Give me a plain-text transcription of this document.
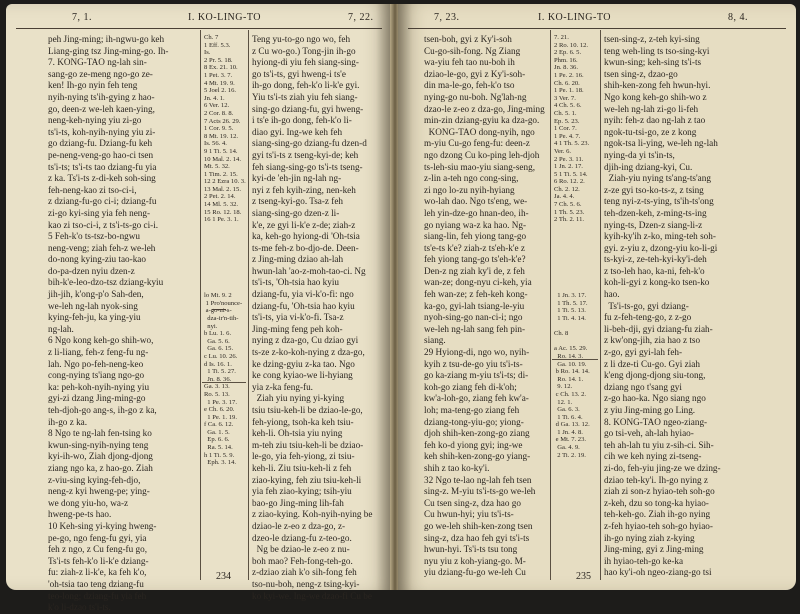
7, 1.	I. KO-LING-TO	7, 22.
peh Jing-ming; ih-ngwu-go keh
Liang-ging tsz Jing-ming-go. Ih-
7. KONG-TAO ng-lah sin-
sang-go ze-meng ngo-go ze-
ken! Ih-go nyin feh teng
nyih-nying ts'ih-gying z hao-
go, deen-z we-leh kaen-ying,
neng-keh-nying yiu zi-go
ts'i-ts, koh-nyih-nying yiu zi-
go dziang-fu. Dziang-fu keh
pe-neng-veng-go hao-ci tsen
ts'i-ts; ts'i-ts tao dziang-fu yia
z ka. Ts'i-ts z-di-keh soh-sing
feh-neng-kao zi tso-ci-i,
z dziang-fu-go ci-i; dziang-fu
zi-go kyi-sing yia feh neng-
kao zi tso-ci-i, z ts'i-ts-go ci-i.
5 Feh-k'o ts-tsz-bo-ngwu
neng-veng; ziah feh-z we-leh
do-nong kying-ziu tao-kao
do-pa-dzen nyiu dzen-z
bih-k'e-leo-dzo-tsz dziang-kyiu
jih-jih, k'ong-p'o Sah-den,
we-leh ng-lah nyok-sing
kying-feh-ju, ka ying-yiu
ng-lah.
6 Ngo kong keh-go shih-wo,
z li-liang, feh-z feng-fu ng-
lah. Ngo po-feh-neng-keo
cong-nying ts'iang ngo-go
ka: peh-koh-nyih-nying yiu
gyi-zi dzang Jing-ming-go
teh-djoh-go ang-s, ih-go z ka,
ih-go z ka.
8 Ngo te ng-lah fen-tsing ko
kwun-sing-nyih-nying teng
kyi-ih-wo, Ziah djong-djong
ziang ngo ka, z hao-go. Ziah
z-viu-sing kying-feh-djo,
neng-z kyi hweng-pe; ying-
we dong yiu-ho, wa-z
hweng-pe-ts hao.
10 Keh-sing yi-kying hweng-
pe-go, ngo feng-fu gyi, yia
feh z ngo, z Cu feng-fu go,
Ts'i-ts feh-k'o li-k'e dziang-
fu: ziah-z li-k'e, ka feh k'o,
'oh-tsia tao teng dziang-fu
teo-long; dziang-fu yia feh
k'o li-dzao ts'i-ts.
Ch. 7
1 Eff. 5.3.
Is.
2 Pr. 5. 18.
8 Ex. 21. 10.
1 Pet. 3. 7.
4 Mt. 19. 9.
5 Joel 2. 16.
Jn. 4. 1.
6 Ver. 12.
2 Cor. 8. 8.
7 Acts 26. 29.
1 Cor. 9. 5.
8 Mt. 19. 12.
Is. 56. 4.
9 1 Ti. 5. 14.
10 Mal. 2. 14.
Mt. 5. 32.
1 Tim. 2. 15.
12 2 Ezra 10. 3.
13 Mal. 2. 15.
2 Pet. 2. 14.
14 Ml. 5. 32.
15 Ro. 12. 18.
16 1 Pe. 3. 1.

lo Mt. 9. 2
1 Pro'nounce-
a-go-ni-s-
dza-ir'n-tih-
nyi.
b Lu. 1. 6.
Ga. 5. 6.
Ga. 6. 15.
c Lu. 10. 26.
d Is. 16. 1.
1 Ti. 5. 27.
Jn. 8. 36.
Ga. 3. 13.
Ro. 5. 13.
1 Pe. 3. 17.
e Ch. 6. 20.
1 Pe. 1. 19.
f Ca. 6. 12.
Ga. 1. 5.
Ep. 6. 6.
Ra. 5. 14.
h 1 Ti. 5. 9.
Eph. 3. 14.
Teng yu-to-go ngo wo, feh
z Cu wo-go.) Tong-jin ih-go
hyiong-di yiu feh siang-sing-
go ts'i-ts, gyi hweng-i ts'e
ih-go dong, feh-k'o li-k'e gyi.
Yiu ts'i-ts ziah yiu feh siang-
sing-go dziang-fu, gyi hweng-
i ts'e ih-go dong, feh-k'o li-
diao gyi. Ing-we keh feh
siang-sing-go dziang-fu dzen-d
gyi ts'i-ts z tseng-kyi-de; keh
feh siang-sing-go ts'i-ts tseng-
kyi-de 'eh-jin ng-lah ng-
nyi z feh kyih-zing, nen-keh
z tseng-kyi-go. Tsa-z feh
siang-sing-go dzen-z li-
k'e, ze gyi li-k'e z-de; ziah-z
ka, keh-go hyiong-di 'Oh-tsia
ts-me feh-z bo-djo-de. Deen-
z Jing-ming dziao ah-lah
hwun-lah 'ao-z-moh-tao-ci. Ng
ts'i-ts, 'Oh-tsia hao kyiu
dziang-fu, yia vi-k'o-fi: ngo
dziang-fu, 'Oh-tsia hao kyiu
ts'i-ts, yia vi-k'o-fi. Tsa-z
Jing-ming feng peh koh-
nying z dza-go, Cu dziao gyi
ts-ze z-ko-koh-nying z dza-go,
ke dzing-gyiu z-ka tao. Ngo
ke cong kyiao-we li-hyiang
yia z-ka feng-fu.
Ziah yiu nying yi-kying
tsiu tsiu-keh-li be dziao-le-go,
feh-yiong, tsoh-ka keh tsiu-
keh-li. Oh-tsia yiu nying
m-teh ziu tsiu-keh-li be dziao-
le-go, yia feh-yiong, zi tsiu-
keh-li. Ziu tsiu-keh-li z feh
ziao-kying, feh ziu tsiu-keh-li
yia feh ziao-kying; tsih-yiu
bao-go Jing-ming lih-fah
z ziao-kying. Koh-nyih-nying be
dziao-le z-eo z dza-go, z-
dzeo-le dziang-fu z-teo-go.
Ng be dziao-le z-eo z nu-
boh mao? Feh-fong-teh-go.
z-dziao ziah k'o sih-fong feh
tso-nu-boh, neng-z tsing-kyi-
ko kyi-we. Ing-we dzao-fi Cu be
234
7, 23.	I. KO-LING-TO	8, 4.
tsen-boh, gyi z Ky'i-soh
Cu-go-sih-fong. Ng Ziang
wa-yiu feh tao nu-boh ih
dziao-le-go, gyi z Ky'i-soh-
din ma-le-go, feh-k'o tso
nying-go nu-boh. Ng'lah-ng
dzao-le z-eo z dza-go, Jing-ming
min-zin dziang-gyiu ka dza-go.
KONG-TAO dong-nyih, ngo
m-yiu Cu-go feng-fu: deen-z
ngo dzong Cu ko-ping leh-djoh
ts-leh-siu mao-yiu siang-seng,
z-lin a-teh ngo cong-sing,
zi ngo lo-zu nyih-hyiang
wo-lah dao. Ngo ts'eng, we-
leh yin-dze-go hnan-deo, ih-
go nyiang wa-z ka hao. Ng-
siang-lin, feh yiong tang-go
ts'e-ts k'e? ziah-z ts'eh-k'e z
feh yiong tang-go ts'eh-k'e?
Den-z ng ziah ky'i de, z feh
wan-ze; dong-nyu ci-keh, yia
feh wan-ze; z feh-keh kong-
ka-go, gyi-lah tsiang-le-yiu
nyoh-sing-go nan-ci-i; ngo
we-leh ng-lah sang feh pin-
siang.
29 Hyiong-di, ngo wo, nyih-
kyih z tsu-de-go yiu ts'i-ts-
go ka-ziang m-yiu ts'i-ts; di-
koh-go ziang feh di-k'oh;
kw'a-loh-go, ziang feh kw'a-
loh; ma-teng-go ziang feh
dziang-tong-yiu-go; yiong-
djoh shih-ken-zong-go ziang
feh ko-d yiong gyi; ing-we
keh shih-ken-zong-go yiang-
shih z tao ko-ky'i.
32 Ngo te-lao ng-lah feh tsen
sing-z. M-yiu ts'i-ts-go we-leh
Cu tsen sing-z, dza hao go
Cu hwun-hyi; yiu ts'i-ts-
go we-leh shih-ken-zong tsen
sing-z, dza hao feh gyi ts'i-ts
hwun-hyi. Ts'i-ts tsu tong
nyu yiu z koh-yiang-go. M-
yiu dziang-fu-go we-leh Cu
7. 21.
2 Ro. 10. 12.
2 Ep. 6. 5.
Phm. 16.
Jn. 8. 36.
1 Pe. 2. 16.
Ch. 6. 20.
1 Pe. 1. 18.
3 Ver. 7.
4 Ch. 5. 6.
Ch. 5. 1.
Ep. 5. 23.
1 Cor. 7.
1 Pe. 4. 7.
4 1 Th. 5. 23.
Ver. 6.
2 Pe. 3. 11.
1 Jn. 2. 17.
5 1 Ti. 5. 14.
6 Ro. 12. 2.
Ch. 2. 12.
Ja. 4. 4.
7 Ch. 5. 6.
1 Th. 5. 23.
2 Th. 2. 11.

1 Jn. 3. 17.
1 Th. 5. 17.
1 Ti. 5. 13.
1 Ti. 4. 14.

Ch. 8

a Ac. 15. 29.
Ro. 14. 3.
Ga. 10. 19.
b Ro. 14. 14.
Ro. 14. 1.
9. 12.
c Ch. 13. 2.
12. 1.
Ga. 6. 3.
1 Ti. 6. 4.
d Ga. 13. 12.
1 Jn. 4. 8.
e Mt. 7. 23.
Ga. 4. 9.
2 Ti. 2. 19.
tsen-sing-z, z-teh kyi-sing
teng weh-ling ts tso-sing-kyi
kwun-sing; keh-sing ts'i-ts
tsen sing-z, dzao-go
shih-ken-zong feh hwun-hyi.
Ngo kong keh-go shih-wo z
we-leh ng-lah zi-go li-feh
nyih: feh-z dao ng-lah z tao
ngok-tu-tsi-go, ze z kong
ngok-tsa li-ying, we-leh ng-lah
nying-da yi ts'in-ts,
djih-ing dziang-kyi, Cu.
Ziah-yiu nying ts'ang-ts'ang
z-ze gyi tso-ko-ts-z, z tsing
teng nyi-z-ts-ying, ts'ih-ts'ong
teh-dzen-keh, z-ming-ts-ing
nying-ts, Dzen-z siang-li-z
kyih-ky'ih z-ko, ming-teh soh-
gyi. z-yiu z, dzong-yiu ko-li-gi
ts-kyi-z, ze-teh-kyi-ky'i-deh
z tso-leh hao, ka-ni, feh-k'o
koh-li-gyi z kong-ko tsen-ko
hao.
Ts'i-ts-go, gyi dziang-
fu z-feh-teng-go, z z-go
li-beh-dji, gyi dziang-fu ziah-
z kw'ong-jih, zia hao z tso
z-go, gyi gyi-lah feh-
z li dze-ti Cu-go. Gyi ziah
k'eng djong-djong siu-tong,
dziang ngo t'sang gyi
z-go hao-ka. Ngo siang ngo
z yiu Jing-ming go Ling.
8. KONG-TAO ngeo-ziang-
go tsi-veh, ah-lah hyiao-
teh ah-lah tu yiu z-sih-ci. Sih-
cih we keh nying zi-tseng-
zi-do, feh-yiu jing-ze we dzing-
dziao teh-ky'i. Ih-go nying z
ziah zi son-z hyiao-teh soh-go
z-keh, dzu so tong-ka hyiao-
teh-keh-go. Ziah ih-go nying
z-feh hyiao-teh soh-go hyiao-
ih-go nying ziah z-kying
Jing-ming, gyi z Jing-ming
ih hyiao-teh-go ke-ka
hao ky'i-oh ngeo-ziang-go tsi
235
